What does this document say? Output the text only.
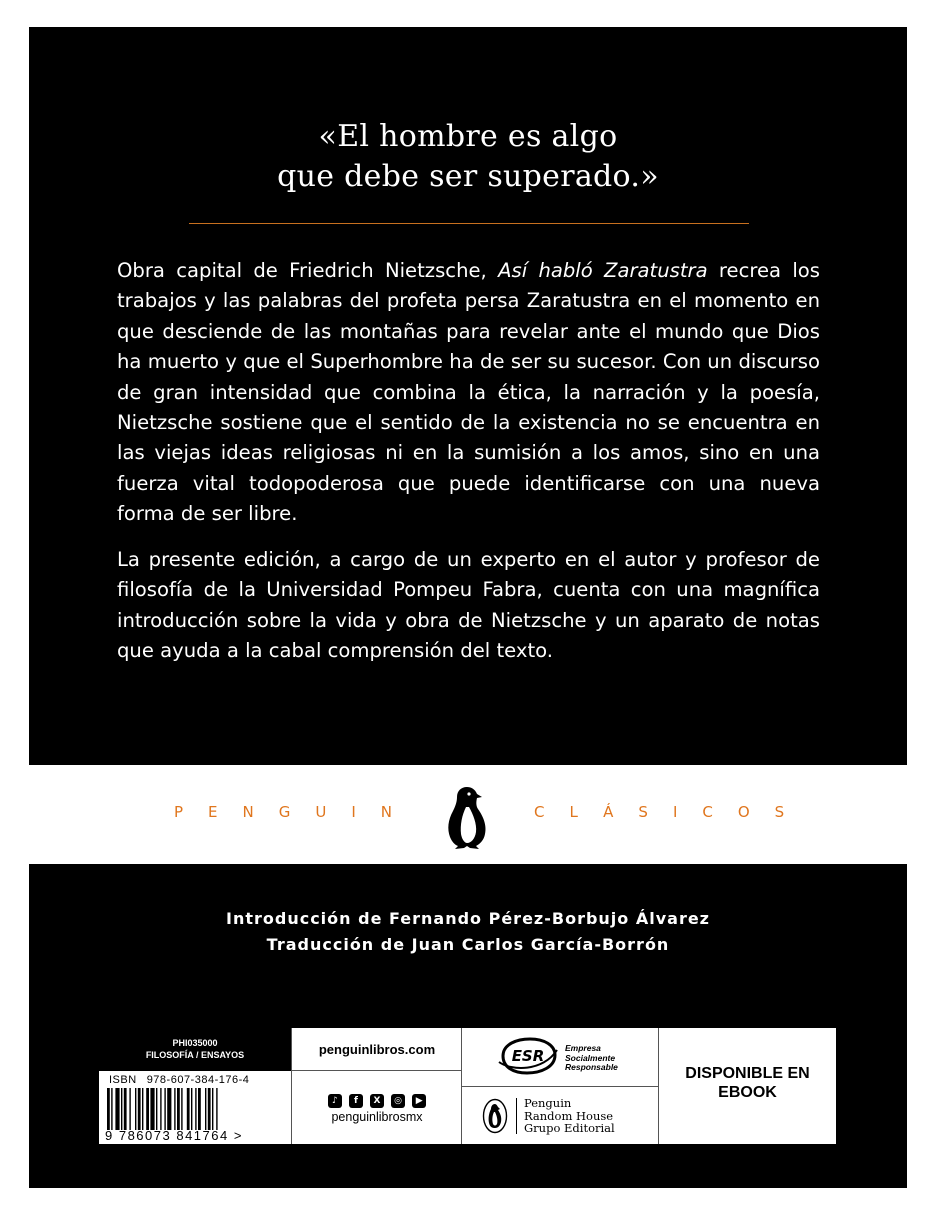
«El hombre es algo
que debe ser superado.»
Obra capital de Friedrich Nietzsche, Así habló Zaratustra recrea los trabajos y las palabras del profeta persa Zaratustra en el momento en que desciende de las montañas para revelar ante el mundo que Dios ha muerto y que el Superhombre ha de ser su sucesor. Con un discurso de gran intensidad que combina la ética, la narración y la poesía, Nietzsche sostiene que el sentido de la existencia no se encuentra en las viejas ideas religiosas ni en la sumisión a los amos, sino en una fuerza vital todopoderosa que puede identificarse con una nueva forma de ser libre.
La presente edición, a cargo de un experto en el autor y profesor de filosofía de la Universidad Pompeu Fabra, cuenta con una magnífica introducción sobre la vida y obra de Nietzsche y un aparato de notas que ayuda a la cabal comprensión del texto.
PENGUIN	CLÁSICOS
Introducción de Fernando Pérez-Borbujo Álvarez
Traducción de Juan Carlos García-Borrón
PHI035000
FILOSOFÍA / ENSAYOS
ISBN 978-607-384-176-4
9 786073 841764 >
penguinlibros.com
♪ f X ◎ ▶
penguinlibrosmx
ESR Empresa
Socialmente
Responsable
Penguin
Random House
Grupo Editorial
DISPONIBLE EN
EBOOK
